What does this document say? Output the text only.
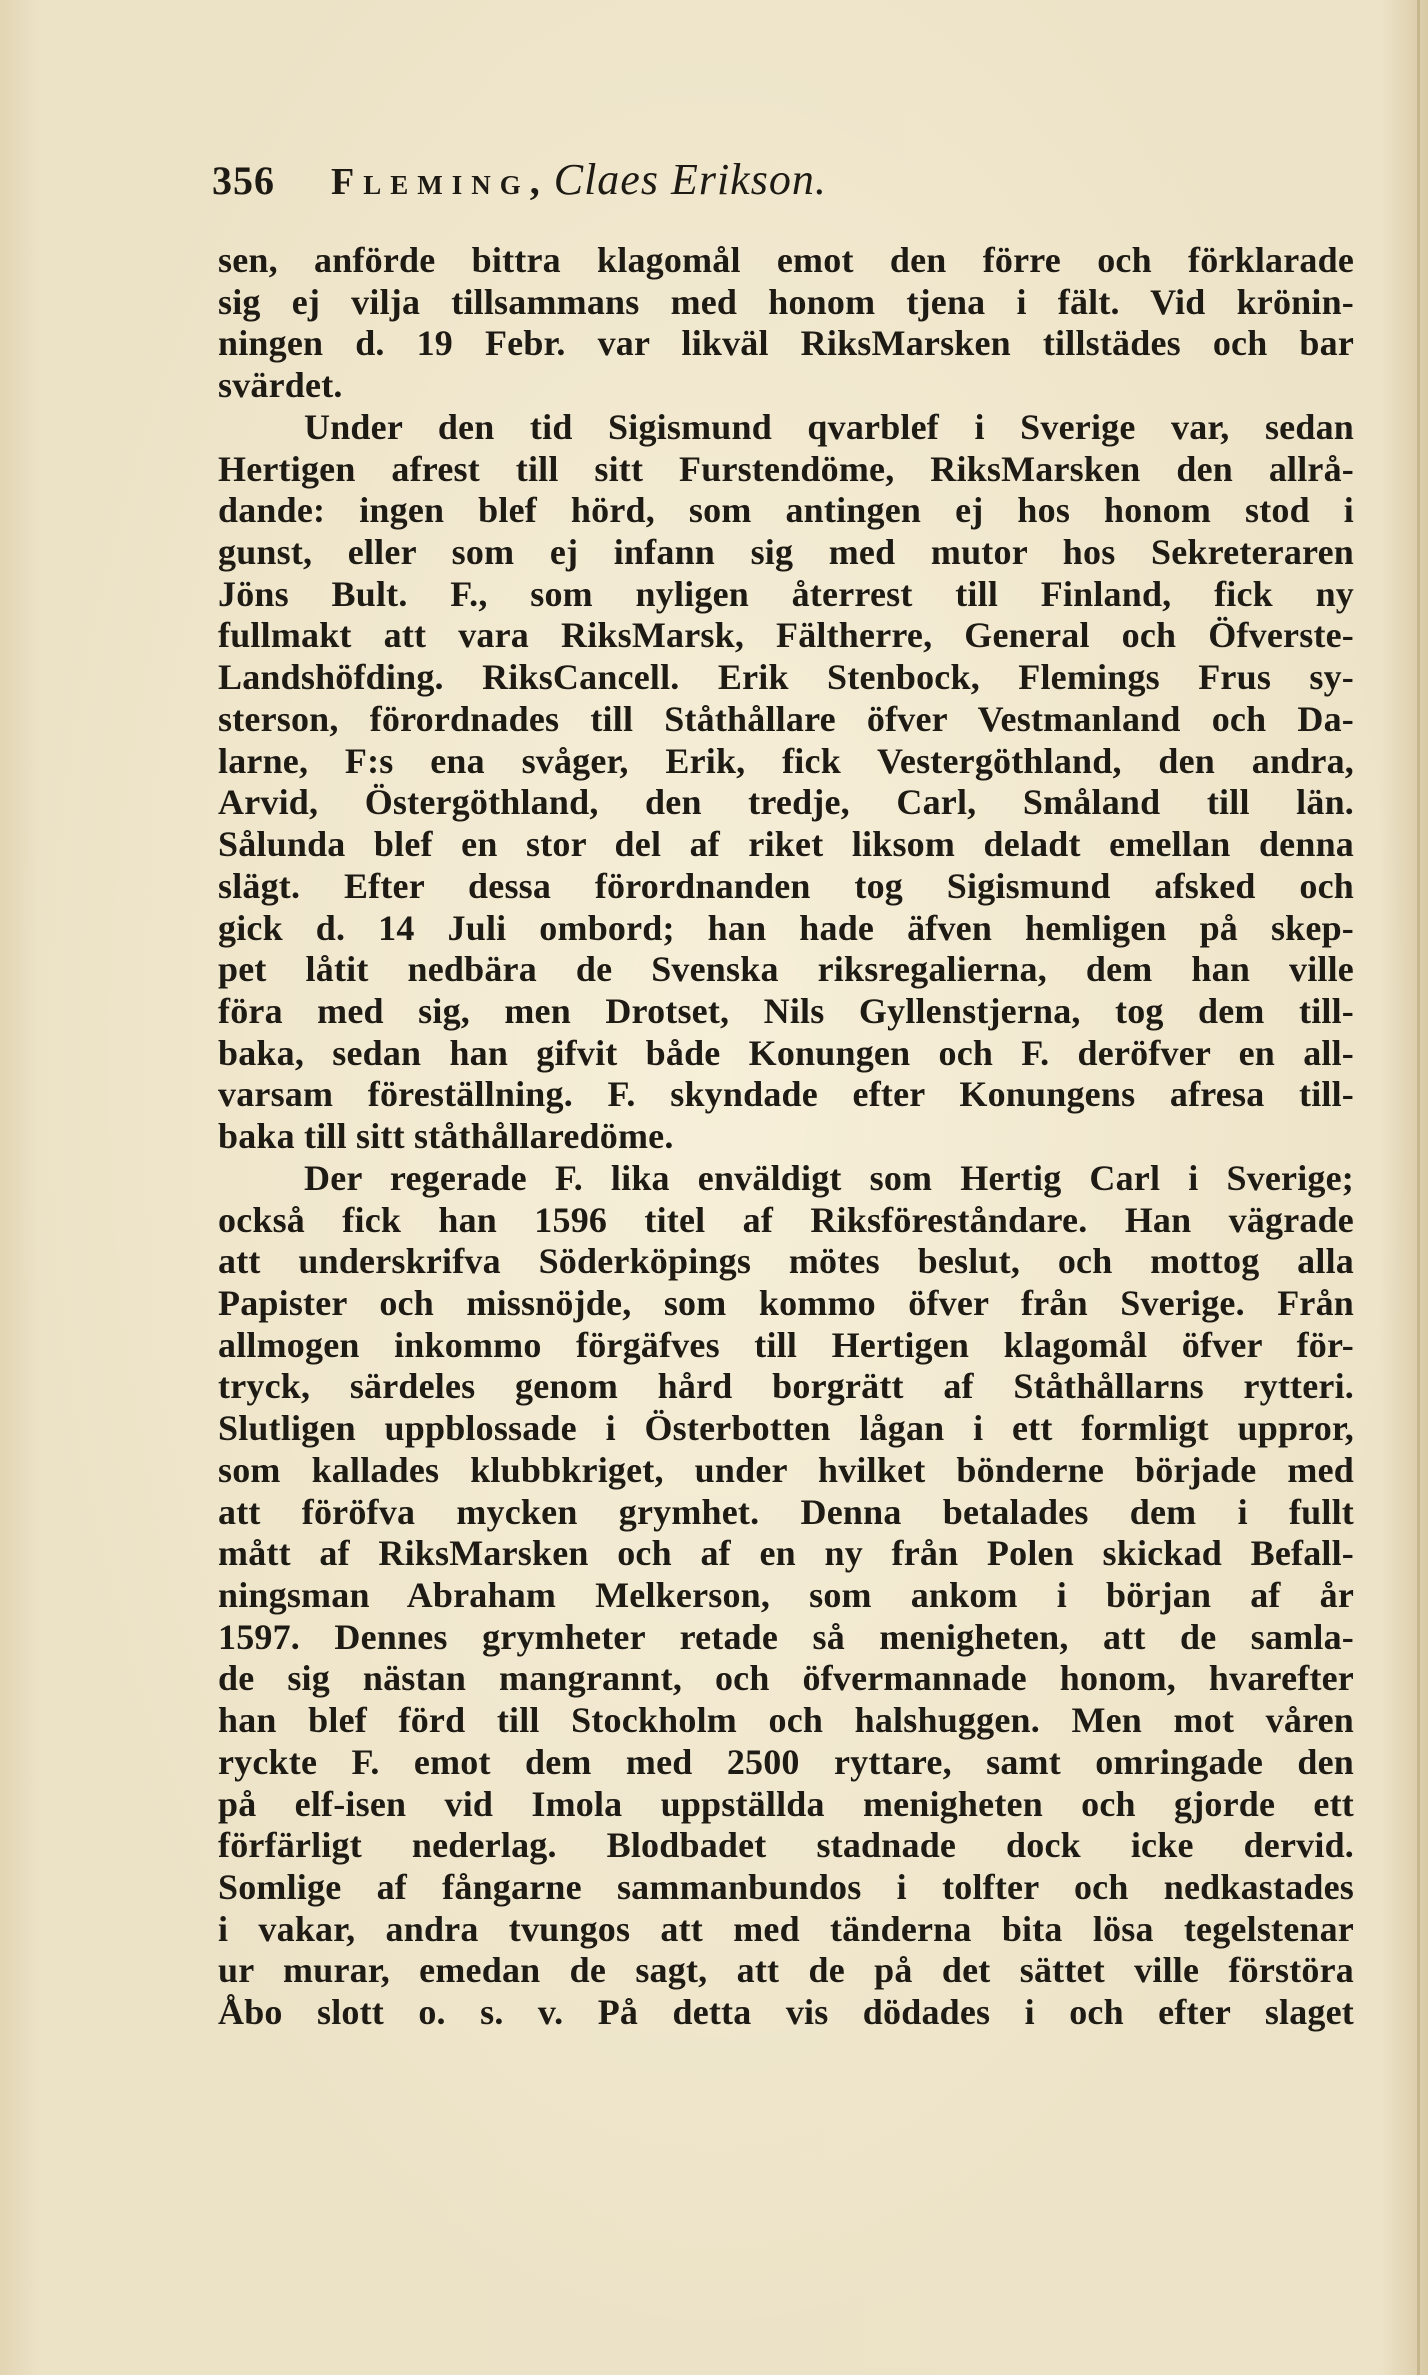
356 Fleming, Claes Erikson.
sen, anförde bittra klagomål emot den förre och förklarade
sig ej vilja tillsammans med honom tjena i fält. Vid krönin-
ningen d. 19 Febr. var likväl RiksMarsken tillstädes och bar
svärdet.
Under den tid Sigismund qvarblef i Sverige var, sedan
Hertigen afrest till sitt Furstendöme, RiksMarsken den allrå-
dande: ingen blef hörd, som antingen ej hos honom stod i
gunst, eller som ej infann sig med mutor hos Sekreteraren
Jöns Bult. F., som nyligen återrest till Finland, fick ny
fullmakt att vara RiksMarsk, Fältherre, General och Öfverste-
Landshöfding. RiksCancell. Erik Stenbock, Flemings Frus sy-
sterson, förordnades till Ståthållare öfver Vestmanland och Da-
larne, F:s ena svåger, Erik, fick Vestergöthland, den andra,
Arvid, Östergöthland, den tredje, Carl, Småland till län.
Sålunda blef en stor del af riket liksom deladt emellan denna
slägt. Efter dessa förordnanden tog Sigismund afsked och
gick d. 14 Juli ombord; han hade äfven hemligen på skep-
pet låtit nedbära de Svenska riksregalierna, dem han ville
föra med sig, men Drotset, Nils Gyllenstjerna, tog dem till-
baka, sedan han gifvit både Konungen och F. deröfver en all-
varsam föreställning. F. skyndade efter Konungens afresa till-
baka till sitt ståthållaredöme.
Der regerade F. lika enväldigt som Hertig Carl i Sverige;
också fick han 1596 titel af Riksföreståndare. Han vägrade
att underskrifva Söderköpings mötes beslut, och mottog alla
Papister och missnöjde, som kommo öfver från Sverige. Från
allmogen inkommo förgäfves till Hertigen klagomål öfver för-
tryck, särdeles genom hård borgrätt af Ståthållarns rytteri.
Slutligen uppblossade i Österbotten lågan i ett formligt uppror,
som kallades klubbkriget, under hvilket bönderne började med
att föröfva mycken grymhet. Denna betalades dem i fullt
mått af RiksMarsken och af en ny från Polen skickad Befall-
ningsman Abraham Melkerson, som ankom i början af år
1597. Dennes grymheter retade så menigheten, att de samla-
de sig nästan mangrannt, och öfvermannade honom, hvarefter
han blef förd till Stockholm och halshuggen. Men mot våren
ryckte F. emot dem med 2500 ryttare, samt omringade den
på elf-isen vid Imola uppställda menigheten och gjorde ett
förfärligt nederlag. Blodbadet stadnade dock icke dervid.
Somlige af fångarne sammanbundos i tolfter och nedkastades
i vakar, andra tvungos att med tänderna bita lösa tegelstenar
ur murar, emedan de sagt, att de på det sättet ville förstöra
Åbo slott o. s. v. På detta vis dödades i och efter slaget
